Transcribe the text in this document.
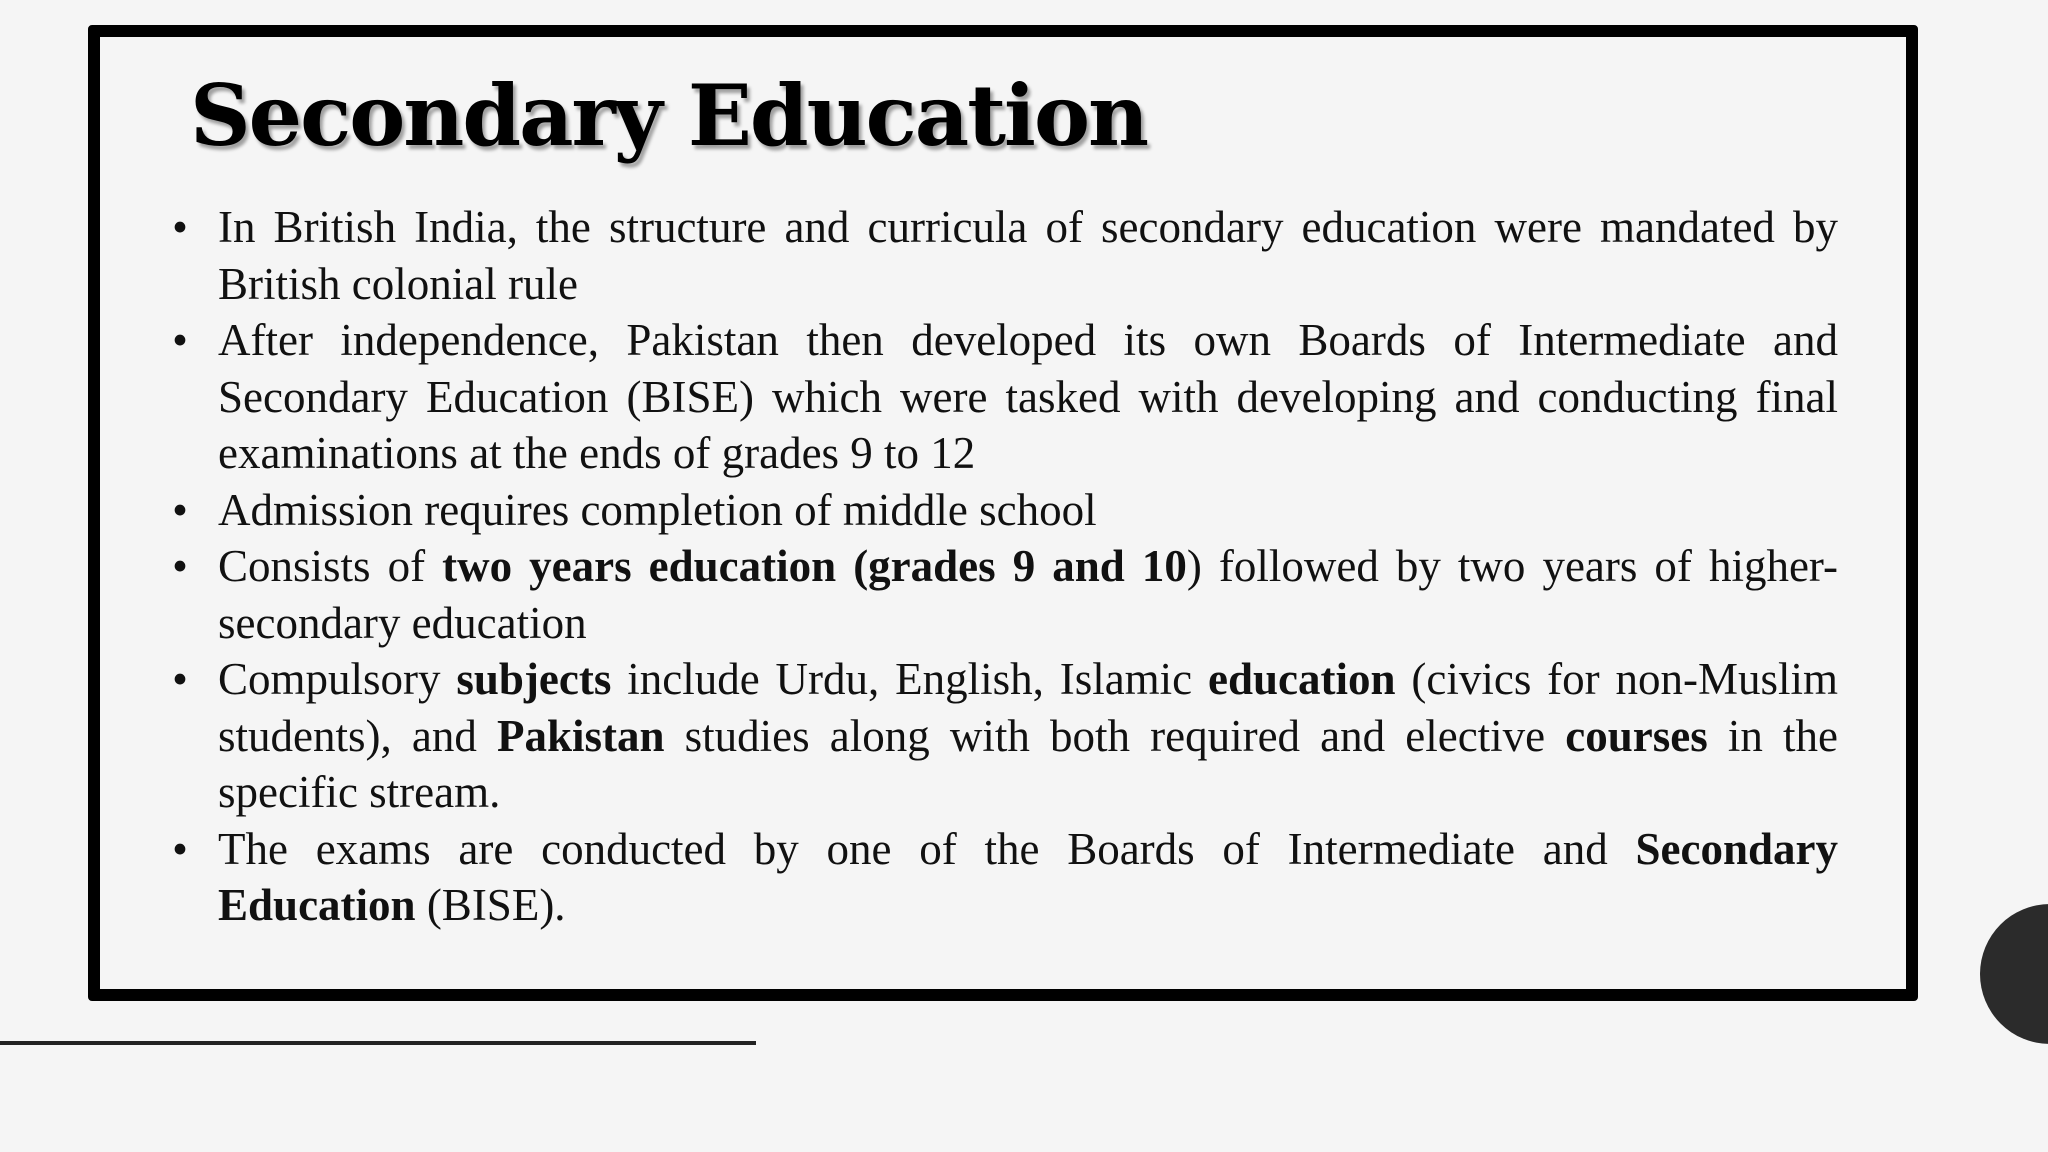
Secondary Education
• In British India, the structure and curricula of secondary education were mandated by British colonial rule
• After independence, Pakistan then developed its own Boards of Intermediate and Secondary Education (BISE) which were tasked with developing and conducting final examinations at the ends of grades 9 to 12
• Admission requires completion of middle school
• Consists of two years education (grades 9 and 10) followed by two years of higher-secondary education
• Compulsory subjects include Urdu, English, Islamic education (civics for non-Muslim students), and Pakistan studies along with both required and elective courses in the specific stream.
• The exams are conducted by one of the Boards of Intermediate and Secondary Education (BISE).
